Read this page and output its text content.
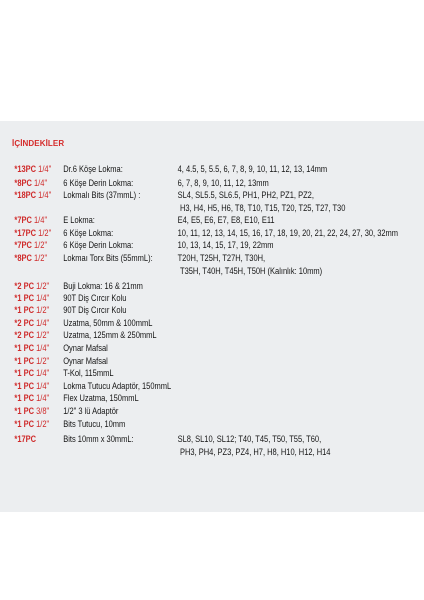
İÇİNDEKİLER
*13PC 1/4" Dr.6 Köşe Lokma:	4, 4.5, 5, 5.5, 6, 7, 8, 9, 10, 11, 12, 13, 14mm
*8PC 1/4" 6 Köşe Derin Lokma:	6, 7, 8, 9, 10, 11, 12, 13mm
*18PC 1/4" Lokmalı Bits (37mmL) :	SL4, SL5.5, SL6.5, PH1, PH2, PZ1, PZ2,
H3, H4, H5, H6, T8, T10, T15, T20, T25, T27, T30
*7PC 1/4" E Lokma:	E4, E5, E6, E7, E8, E10, E11
*17PC 1/2" 6 Köşe Lokma:	10, 11, 12, 13, 14, 15, 16, 17, 18, 19, 20, 21, 22, 24, 27, 30, 32mm
*7PC 1/2" 6 Köşe Derin Lokma:	10, 13, 14, 15, 17, 19, 22mm
*8PC 1/2" Lokmaı Torx Bits (55mmL):	T20H, T25H, T27H, T30H,
T35H, T40H, T45H, T50H (Kalınlık: 10mm)
*2 PC 1/2" Buji Lokma: 16 & 21mm
*1 PC 1/4" 90T Diş Cırcır Kolu
*1 PC 1/2" 90T Diş Cırcır Kolu
*2 PC 1/4" Uzatma, 50mm & 100mmL
*2 PC 1/2" Uzatma, 125mm & 250mmL
*1 PC 1/4" Oynar Mafsal
*1 PC 1/2" Oynar Mafsal
*1 PC 1/4" T-Kol, 115mmL
*1 PC 1/4" Lokma Tutucu Adaptör, 150mmL
*1 PC 1/4" Flex Uzatma, 150mmL
*1 PC 3/8" 1/2" 3 lü Adaptör
*1 PC 1/2" Bits Tutucu, 10mm
*17PC	Bits 10mm x 30mmL:	SL8, SL10, SL12; T40, T45, T50, T55, T60,
PH3, PH4, PZ3, PZ4, H7, H8, H10, H12, H14
